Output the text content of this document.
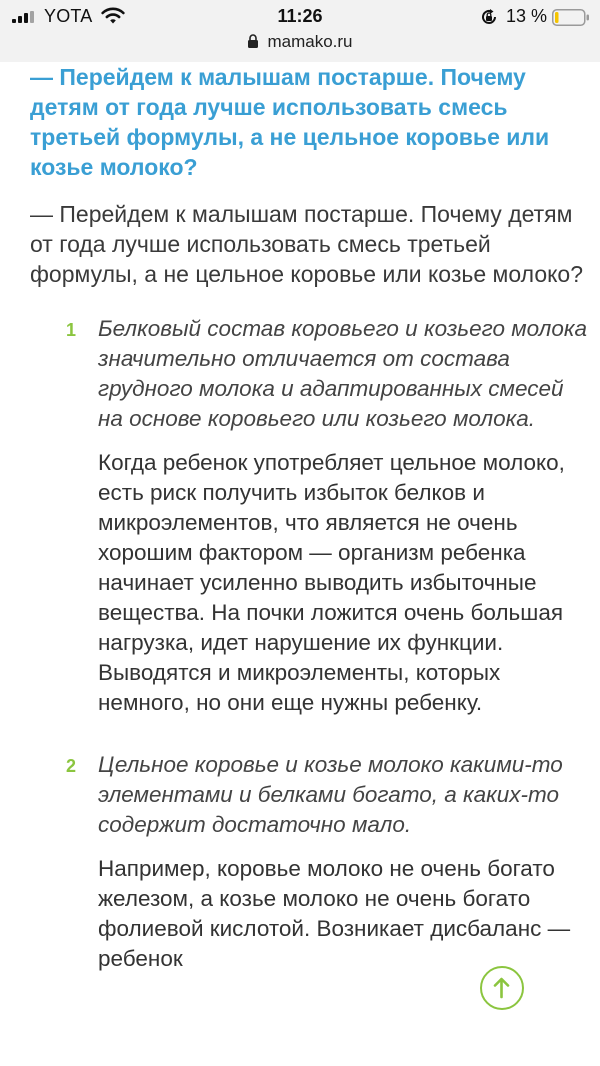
YOTA	11:26	13 %
mamako.ru
— Перейдем к малышам постарше. Почему детям от года лучше использовать смесь третьей формулы, а не цельное коровье или козье молоко?
— Перейдем к малышам постарше. Почему детям от года лучше использовать смесь третьей формулы, а не цельное коровье или козье молоко?
1 Белковый состав коровьего и козьего молока значительно отличается от состава грудного молока и адаптированных смесей на основе коровьего или козьего молока.
Когда ребенок употребляет цельное молоко, есть риск получить избыток белков и микроэлементов, что является не очень хорошим фактором — организм ребенка начинает усиленно выводить избыточные вещества. На почки ложится очень большая нагрузка, идет нарушение их функции. Выводятся и микроэлементы, которых немного, но они еще нужны ребенку.
2 Цельное коровье и козье молоко какими-то элементами и белками богато, а каких-то содержит достаточно мало.
Например, коровье молоко не очень богато железом, а козье молоко не очень богато фолиевой кислотой. Возникает дисбаланс — ребенок
